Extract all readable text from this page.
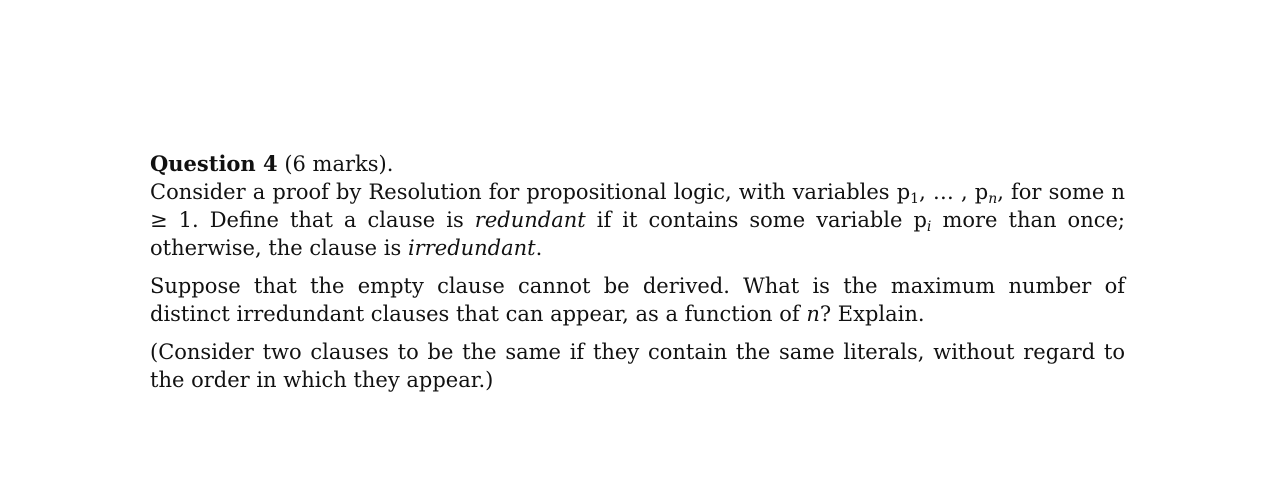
Question 4 (6 marks).

Consider a proof by Resolution for propositional logic, with variables $p_1$, … , $p_n$, for some n ≥ 1. Define that a clause is redundant if it contains some variable $p_i$ more than once; otherwise, the clause is irredundant.

Suppose that the empty clause cannot be derived. What is the maximum number of distinct irredundant clauses that can appear, as a function of n? Explain.

(Consider two clauses to be the same if they contain the same literals, without regard to the order in which they appear.)
